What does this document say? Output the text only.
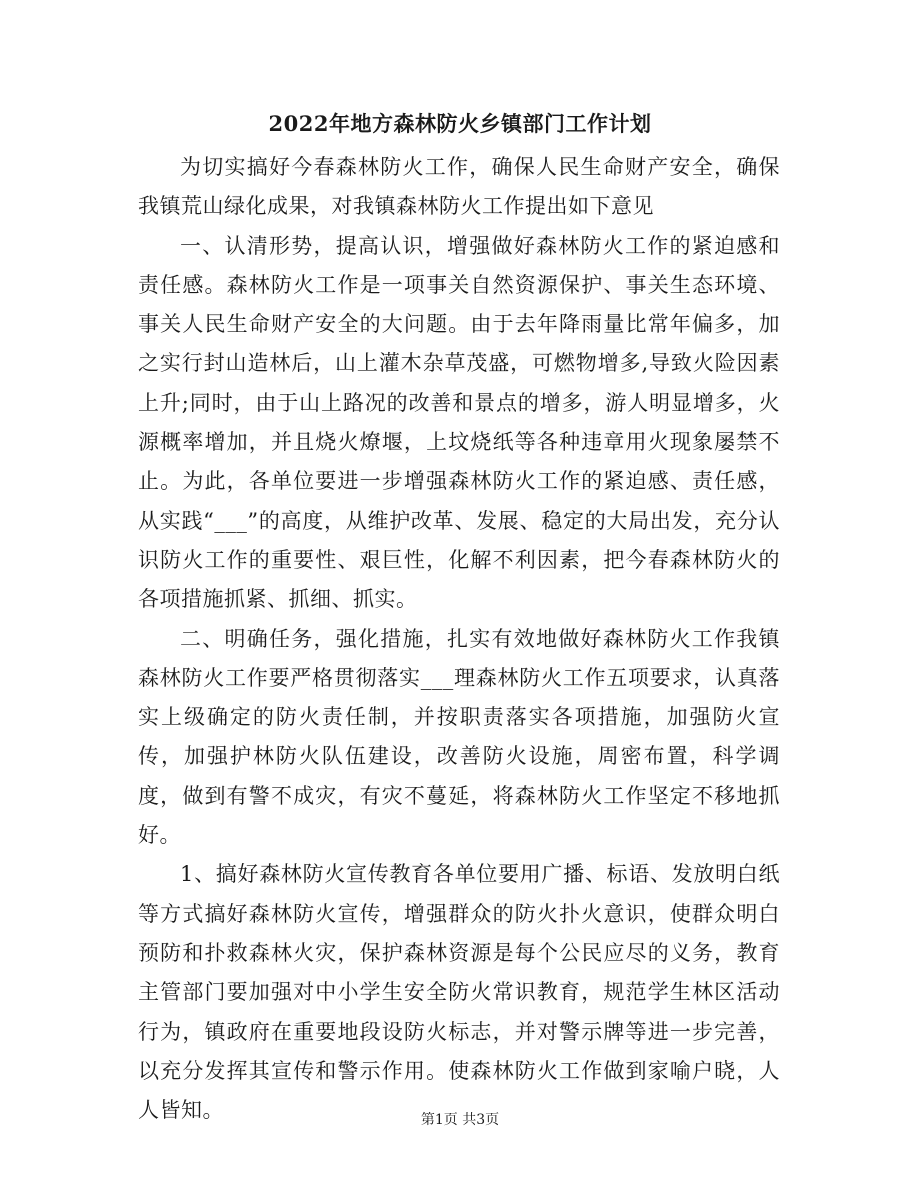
2022年地方森林防火乡镇部门工作计划

为切实搞好今春森林防火工作，确保人民生命财产安全，确保我镇荒山绿化成果，对我镇森林防火工作提出如下意见

一、认清形势，提高认识，增强做好森林防火工作的紧迫感和责任感。森林防火工作是一项事关自然资源保护、事关生态环境、事关人民生命财产安全的大问题。由于去年降雨量比常年偏多，加之实行封山造林后，山上灌木杂草茂盛，可燃物增多,导致火险因素上升;同时，由于山上路况的改善和景点的增多，游人明显增多，火源概率增加，并且烧火燎堰，上坟烧纸等各种违章用火现象屡禁不止。为此，各单位要进一步增强森林防火工作的紧迫感、责任感，从实践“___”的高度，从维护改革、发展、稳定的大局出发，充分认识防火工作的重要性、艰巨性，化解不利因素，把今春森林防火的各项措施抓紧、抓细、抓实。

二、明确任务，强化措施，扎实有效地做好森林防火工作我镇森林防火工作要严格贯彻落实___理森林防火工作五项要求，认真落实上级确定的防火责任制，并按职责落实各项措施，加强防火宣传，加强护林防火队伍建设，改善防火设施，周密布置，科学调度，做到有警不成灾，有灾不蔓延，将森林防火工作坚定不移地抓好。

1、搞好森林防火宣传教育各单位要用广播、标语、发放明白纸等方式搞好森林防火宣传，增强群众的防火扑火意识，使群众明白预防和扑救森林火灾，保护森林资源是每个公民应尽的义务，教育主管部门要加强对中小学生安全防火常识教育，规范学生林区活动行为，镇政府在重要地段设防火标志，并对警示牌等进一步完善，以充分发挥其宣传和警示作用。使森林防火工作做到家喻户晓，人人皆知。	第1页 共3页
